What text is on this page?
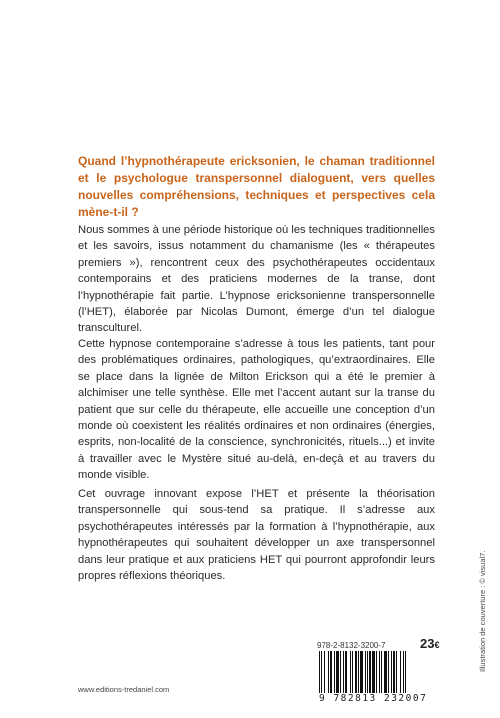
Quand l’hypnothérapeute ericksonien, le chaman traditionnel et le psychologue transpersonnel dialoguent, vers quelles nouvelles compréhensions, techniques et perspectives cela mène-t-il ?

Nous sommes à une période historique où les techniques traditionnelles et les savoirs, issus notamment du chamanisme (les « thérapeutes premiers »), rencontrent ceux des psychothérapeutes occidentaux contemporains et des praticiens modernes de la transe, dont l’hypnothérapie fait partie. L’hypnose ericksonienne transpersonnelle (l’HET), élaborée par Nicolas Dumont, émerge d’un tel dialogue transculturel.

Cette hypnose contemporaine s’adresse à tous les patients, tant pour des problématiques ordinaires, pathologiques, qu’extraordinaires. Elle se place dans la lignée de Milton Erickson qui a été le premier à alchimiser une telle synthèse. Elle met l’accent autant sur la transe du patient que sur celle du thérapeute, elle accueille une conception d’un monde où coexistent les réalités ordinaires et non ordinaires (énergies, esprits, non-localité de la conscience, synchronicités, rituels...) et invite à travailler avec le Mystère situé au-delà, en-deçà et au travers du monde visible.

Cet ouvrage innovant expose l’HET et présente la théorisation transpersonnelle qui sous-tend sa pratique. Il s’adresse aux psychothérapeutes intéressés par la formation à l’hypnothérapie, aux hypnothérapeutes qui souhaitent développer un axe transpersonnel dans leur pratique et aux praticiens HET qui pourront approfondir leurs propres réflexions théoriques.	Illustration de couverture : © visual7.
978-2-8132-3200-7	23€
9 782813 232007
www.editions-tredaniel.com
